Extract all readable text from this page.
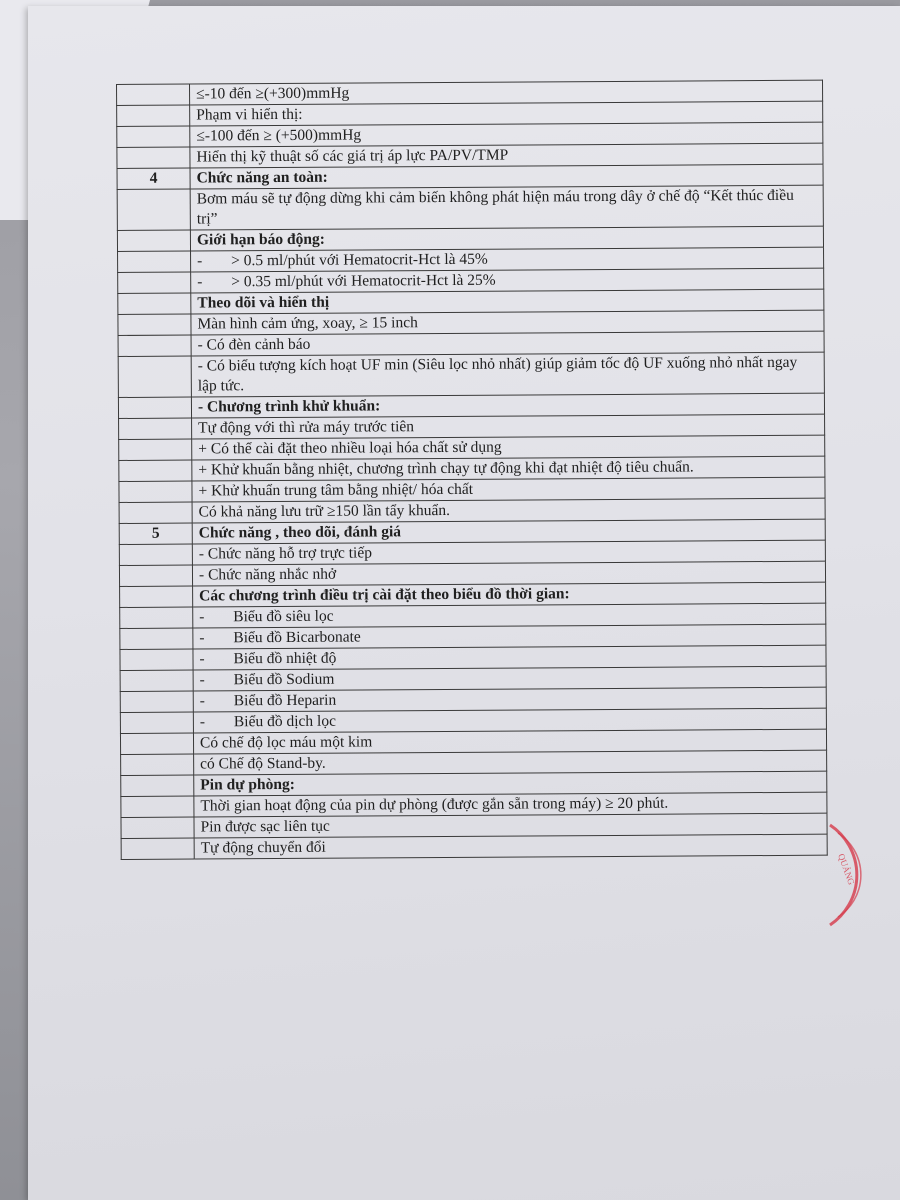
	≤-10 đến ≥(+300)mmHg
	Phạm vi hiển thị:
	≤-100 đến ≥ (+500)mmHg
	Hiển thị kỹ thuật số các giá trị áp lực PA/PV/TMP
4	Chức năng an toàn:
	Bơm máu sẽ tự động dừng khi cảm biến không phát hiện máu trong dây ở chế độ “Kết thúc điều trị”
	Giới hạn báo động:
	- > 0.5 ml/phút với Hematocrit-Hct là 45%
	- > 0.35 ml/phút với Hematocrit-Hct là 25%
	Theo dõi và hiển thị
	Màn hình cảm ứng, xoay, ≥ 15 inch
	- Có đèn cảnh báo
	- Có biểu tượng kích hoạt UF min (Siêu lọc nhỏ nhất) giúp giảm tốc độ UF xuống nhỏ nhất ngay lập tức.
	- Chương trình khử khuẩn:
	Tự động với thì rửa máy trước tiên
	+ Có thể cài đặt theo nhiều loại hóa chất sử dụng
	+ Khử khuẩn bằng nhiệt, chương trình chạy tự động khi đạt nhiệt độ tiêu chuẩn.
	+ Khử khuẩn trung tâm bằng nhiệt/ hóa chất
	Có khả năng lưu trữ ≥150 lần tẩy khuẩn.
5	Chức năng , theo dõi, đánh giá
	- Chức năng hỗ trợ trực tiếp
	- Chức năng nhắc nhở
	Các chương trình điều trị cài đặt theo biểu đồ thời gian:
	- Biểu đồ siêu lọc
	- Biểu đồ Bicarbonate
	- Biểu đồ nhiệt độ
	- Biểu đồ Sodium
	- Biểu đồ Heparin
	- Biểu đồ dịch lọc
	Có chế độ lọc máu một kim
	có Chế độ Stand-by.
	Pin dự phòng:
	Thời gian hoạt động của pin dự phòng (được gắn sẵn trong máy) ≥ 20 phút.
	Pin được sạc liên tục
	Tự động chuyển đổi
QUẢNG
